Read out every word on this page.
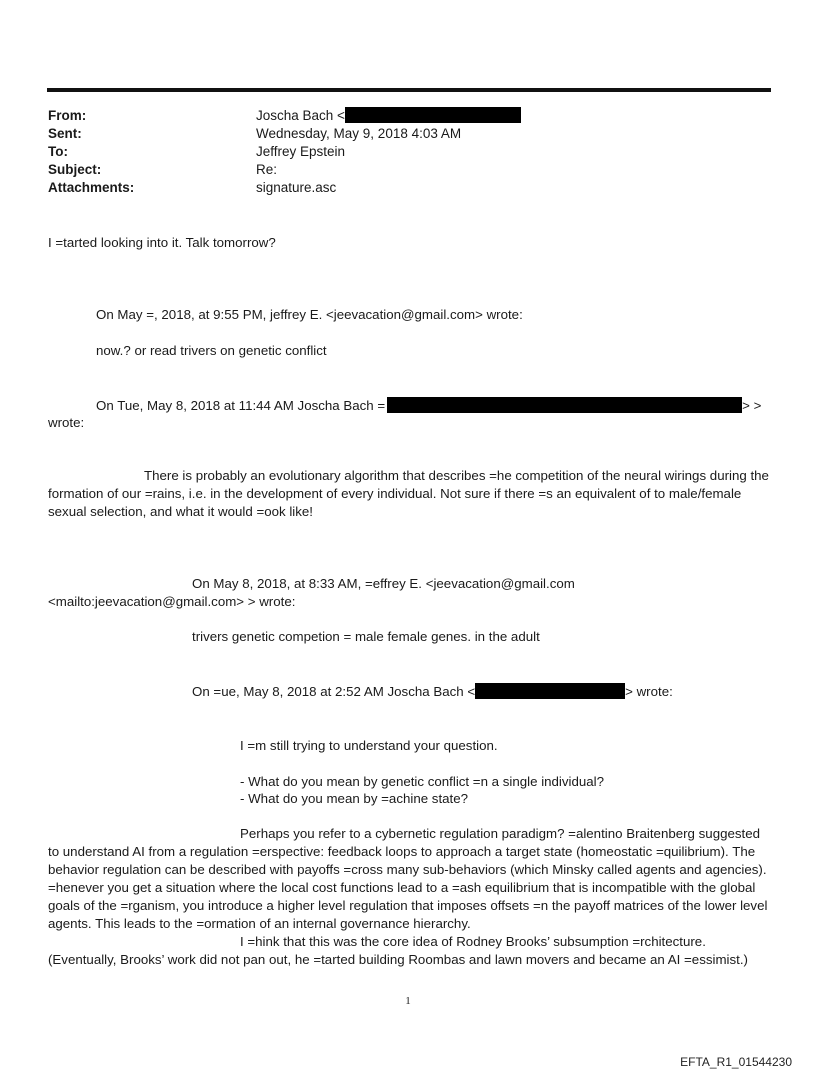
From:	Joscha Bach <
Sent:	Wednesday, May 9, 2018 4:03 AM
To:	Jeffrey Epstein
Subject:	Re:
Attachments:	signature.asc
I =tarted looking into it. Talk tomorrow?
On May =, 2018, at 9:55 PM, jeffrey E. <jeevacation@gmail.com> wrote:
now.? or read trivers on genetic conflict
On Tue, May 8, 2018 at 11:44 AM Joscha Bach =	> >
wrote:
There is probably an evolutionary algorithm that describes =he competition of the neural wirings during the formation of our =rains, i.e. in the development of every individual. Not sure if there =s an equivalent of to male/female sexual selection, and what it would =ook like!
On May 8, 2018, at 8:33 AM, =effrey E. <jeevacation@gmail.com
<mailto:jeevacation@gmail.com> > wrote:
trivers genetic competion = male female genes. in the adult
On =ue, May 8, 2018 at 2:52 AM Joscha Bach <	> wrote:
I =m still trying to understand your question.
- What do you mean by genetic conflict =n a single individual?
- What do you mean by =achine state?
Perhaps you refer to a cybernetic regulation paradigm? =alentino Braitenberg suggested to understand AI from a regulation =erspective: feedback loops to approach a target state (homeostatic =quilibrium). The behavior regulation can be described with payoffs =cross many sub-behaviors (which Minsky called agents and agencies). =henever you get a situation where the local cost functions lead to a =ash equilibrium that is incompatible with the global goals of the =rganism, you introduce a higher level regulation that imposes offsets =n the payoff matrices of the lower level agents. This leads to the =ormation of an internal governance hierarchy.
I =hink that this was the core idea of Rodney Brooks’ subsumption =rchitecture. (Eventually, Brooks’ work did not pan out, he =tarted building Roombas and lawn movers and became an AI =essimist.)
1
EFTA_R1_01544230
